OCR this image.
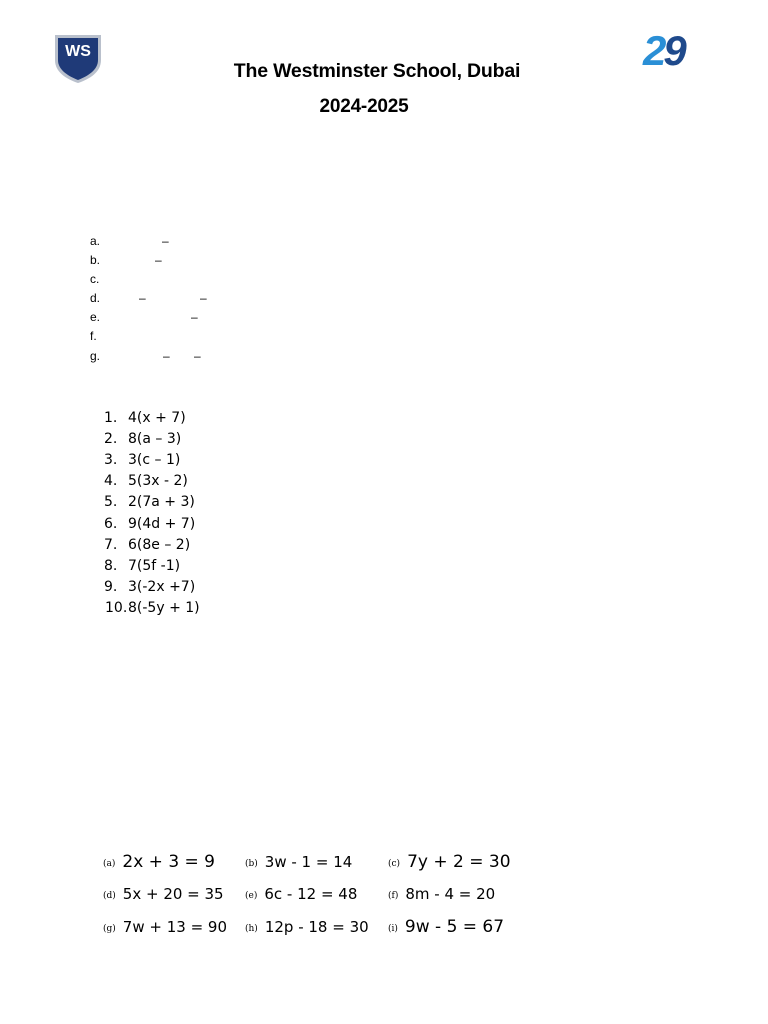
WS
The Westminster School, Dubai
2024-2025
29
a.	–
b.	–
c.
d.	–	–
e.	–
f.
g.	– –
1. 4(x + 7)
2. 8(a – 3)
3. 3(c – 1)
4. 5(3x - 2)
5. 2(7a + 3)
6. 9(4d + 7)
7. 6(8e – 2)
8. 7(5f -1)
9. 3(-2x +7)
10. 8(-5y + 1)
(a) 2x + 3 = 9	(b) 3w - 1 = 14	(c) 7y + 2 = 30
(d) 5x + 20 = 35 (e) 6c - 12 = 48	(f) 8m - 4 = 20
(g) 7w + 13 = 90 (h) 12p - 18 = 30 (i) 9w - 5 = 67
